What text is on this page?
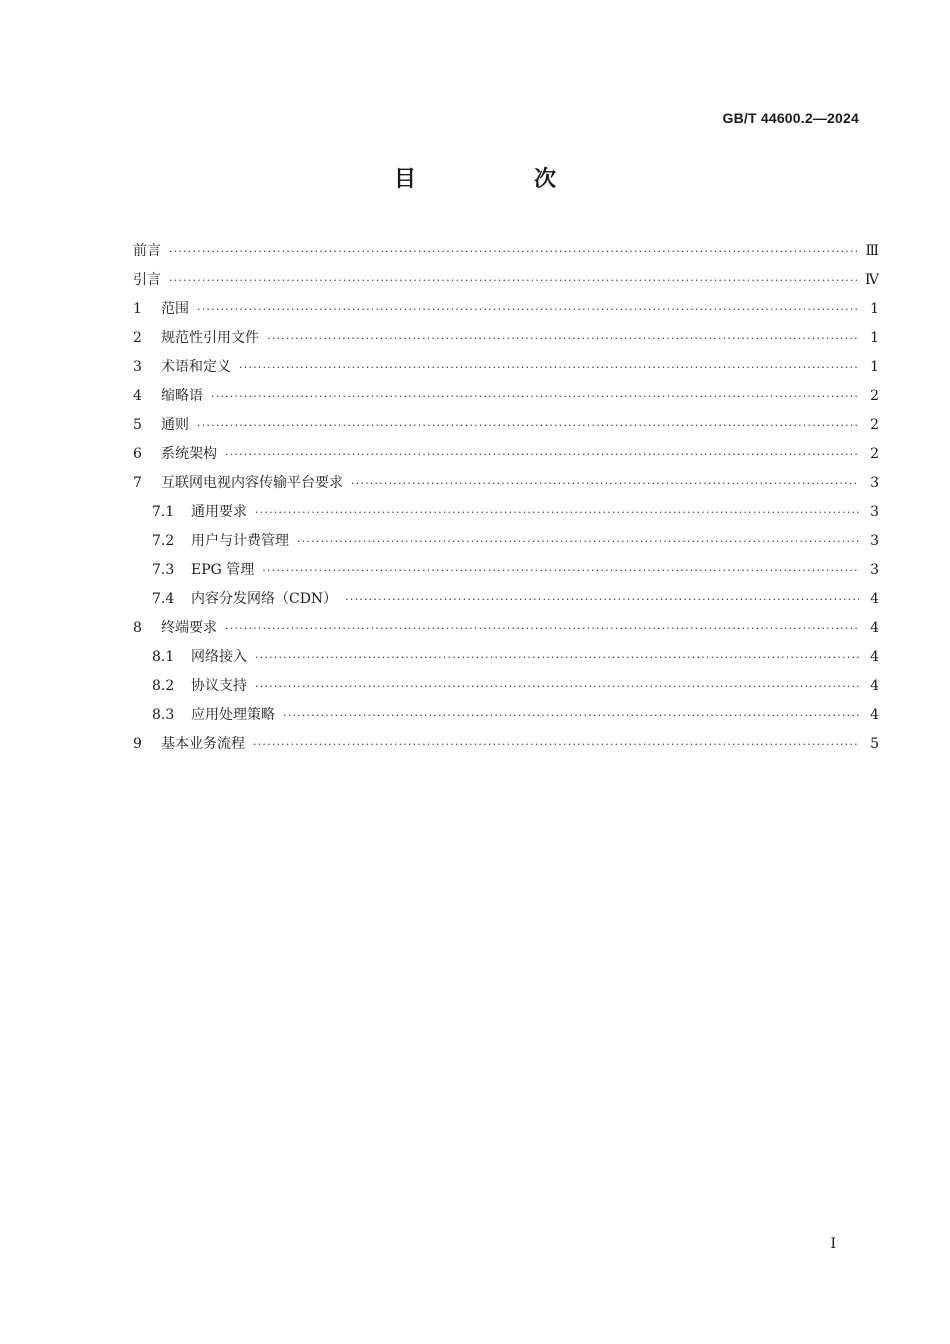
GB/T 44600.2—2024
目　次
前言 ·····	Ⅲ
引言 ·····	Ⅳ
1	范围 ·····	1
2	规范性引用文件 ·····	1
3	术语和定义 ·····	1
4	缩略语 ·····	2
5	通则 ·····	2
6	系统架构 ·····	2
7	互联网电视内容传输平台要求 ·····	3
7.1	通用要求 ·····	3
7.2	用户与计费管理 ·····	3
7.3	EPG 管理 ·····	3
7.4	内容分发网络（CDN） ·····	4
8	终端要求 ·····	4
8.1	网络接入 ·····	4
8.2	协议支持 ·····	4
8.3	应用处理策略 ·····	4
9	基本业务流程 ·····	5
Ⅰ
